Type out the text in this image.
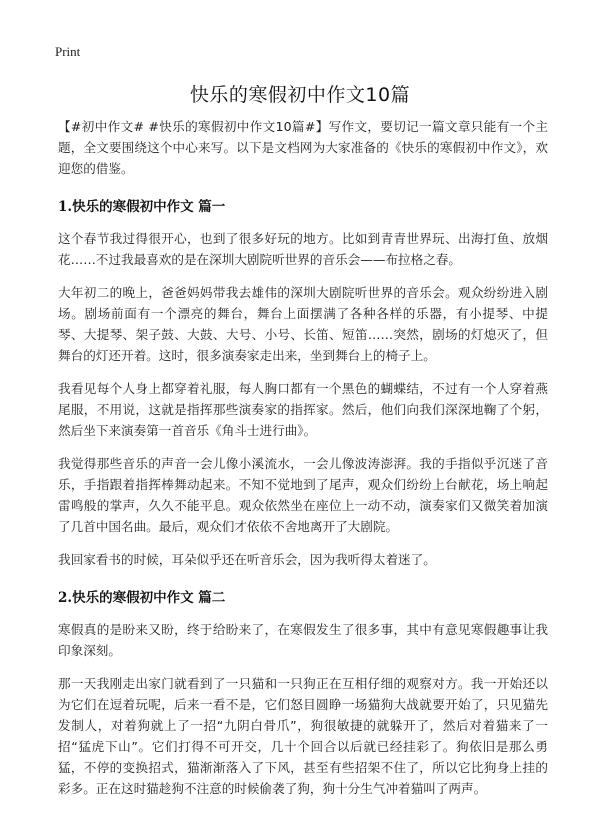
Print
快乐的寒假初中作文10篇

【#初中作文# #快乐的寒假初中作文10篇#】写作文，要切记一篇文章只能有一个主题，全文要围绕这个中心来写。以下是文档网为大家准备的《快乐的寒假初中作文》，欢迎您的借鉴。

1.快乐的寒假初中作文 篇一

这个春节我过得很开心，也到了很多好玩的地方。比如到青青世界玩、出海打鱼、放烟花……不过我最喜欢的是在深圳大剧院听世界的音乐会——布拉格之春。

大年初二的晚上，爸爸妈妈带我去雄伟的深圳大剧院听世界的音乐会。观众纷纷进入剧场。剧场前面有一个漂亮的舞台，舞台上面摆满了各种各样的乐器，有小提琴、中提琴、大提琴、架子鼓、大鼓、大号、小号、长笛、短笛……突然，剧场的灯熄灭了，但舞台的灯还开着。这时，很多演奏家走出来，坐到舞台上的椅子上。

我看见每个人身上都穿着礼服，每人胸口都有一个黑色的蝴蝶结，不过有一个人穿着燕尾服，不用说，这就是指挥那些演奏家的指挥家。然后，他们向我们深深地鞠了个躬，然后坐下来演奏第一首音乐《角斗士进行曲》。

我觉得那些音乐的声音一会儿像小溪流水，一会儿像波涛澎湃。我的手指似乎沉迷了音乐，手指跟着指挥棒舞动起来。不知不觉地到了尾声，观众们纷纷上台献花，场上响起雷鸣般的掌声，久久不能平息。观众依然坐在座位上一动不动，演奏家们又微笑着加演了几首中国名曲。最后，观众们才依依不舍地离开了大剧院。

我回家看书的时候，耳朵似乎还在听音乐会，因为我听得太着迷了。

2.快乐的寒假初中作文 篇二

寒假真的是盼来又盼，终于给盼来了，在寒假发生了很多事，其中有意见寒假趣事让我印象深刻。

那一天我刚走出家门就看到了一只猫和一只狗正在互相仔细的观察对方。我一开始还以为它们在逗着玩呢，后来一看不是，它们怒目圆睁一场猫狗大战就要开始了，只见猫先发制人，对着狗就上了一招“九阴白骨爪”，狗很敏捷的就躲开了，然后对着猫来了一招“猛虎下山”。它们打得不可开交，几十个回合以后就已经挂彩了。狗依旧是那么勇猛，不停的变换招式，猫渐渐落入了下风，甚至有些招架不住了，所以它比狗身上挂的彩多。正在这时猫趁狗不注意的时候偷袭了狗，狗十分生气冲着猫叫了两声。
